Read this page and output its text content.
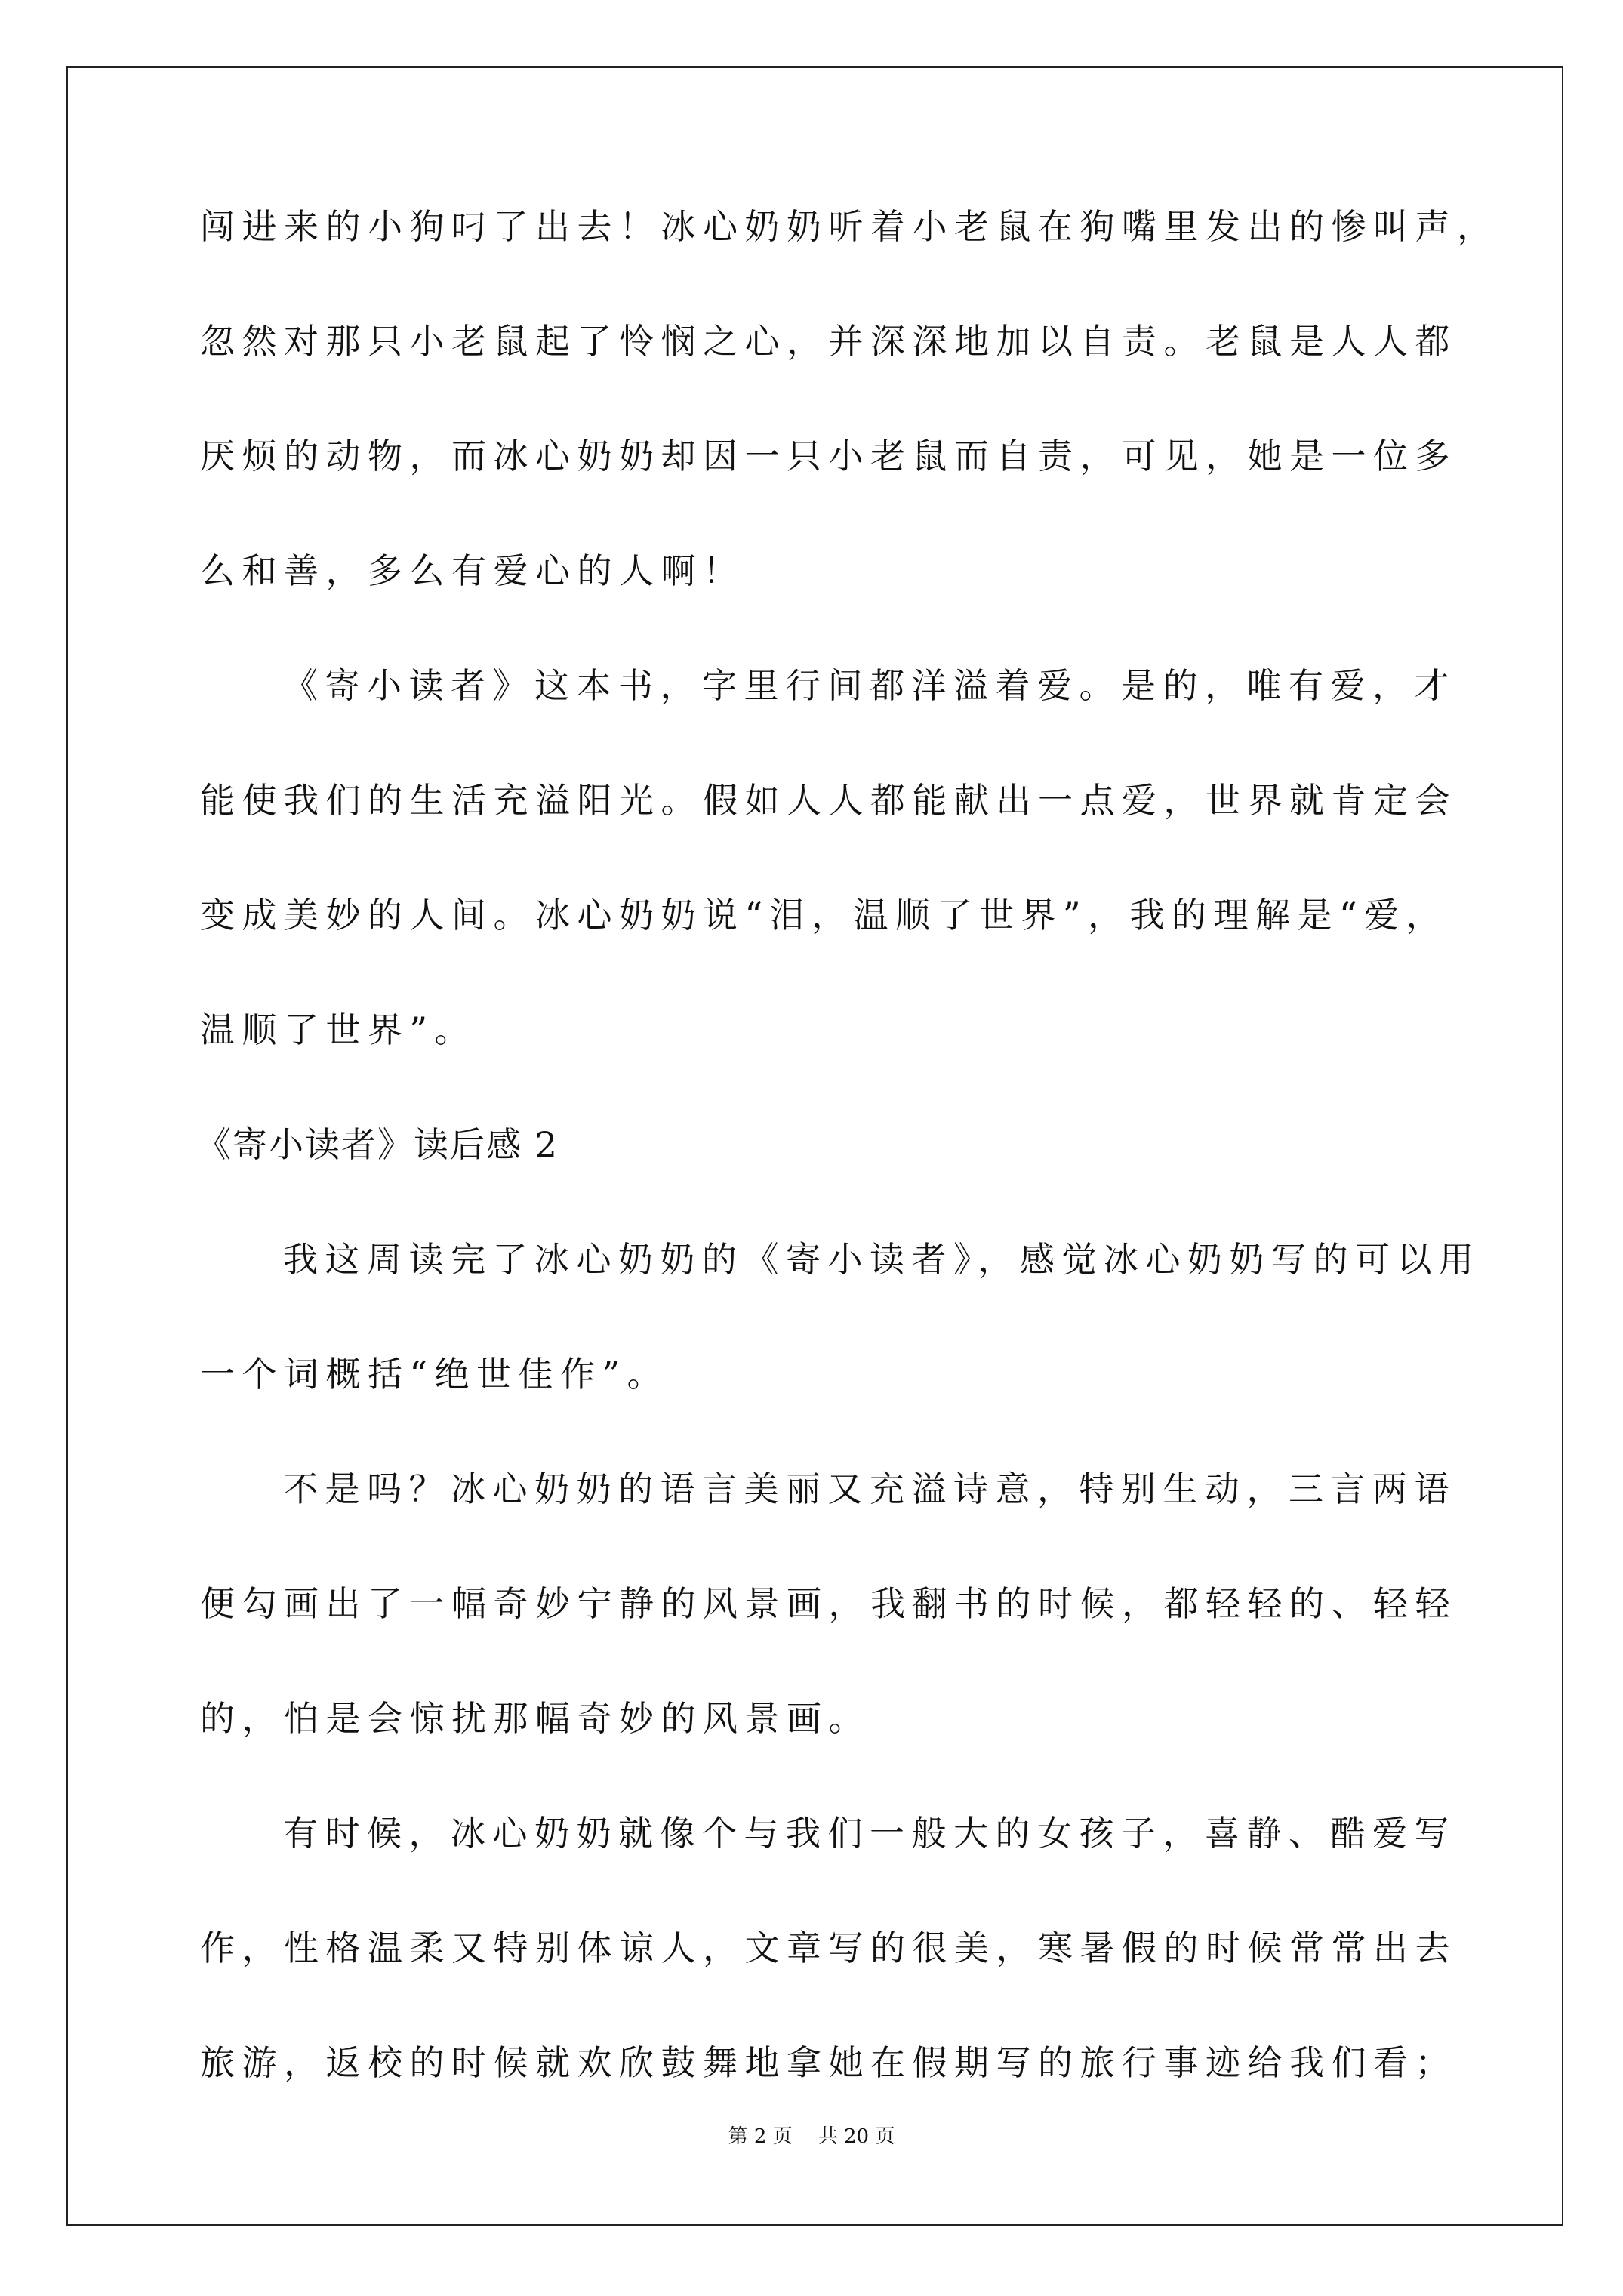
闯进来的小狗叼了出去！冰心奶奶听着小老鼠在狗嘴里发出的惨叫声，
忽然对那只小老鼠起了怜悯之心，并深深地加以自责。老鼠是人人都
厌烦的动物，而冰心奶奶却因一只小老鼠而自责，可见，她是一位多
么和善，多么有爱心的人啊！
《寄小读者》这本书，字里行间都洋溢着爱。是的，唯有爱，才
能使我们的生活充溢阳光。假如人人都能献出一点爱，世界就肯定会
变成美妙的人间。冰心奶奶说“泪，温顺了世界”，我的理解是“爱，
温顺了世界”。
《寄小读者》读后感 2
我这周读完了冰心奶奶的《寄小读者》，感觉冰心奶奶写的可以用
一个词概括“绝世佳作”。
不是吗？冰心奶奶的语言美丽又充溢诗意，特别生动，三言两语
便勾画出了一幅奇妙宁静的风景画，我翻书的时候，都轻轻的、轻轻
的，怕是会惊扰那幅奇妙的风景画。
有时候，冰心奶奶就像个与我们一般大的女孩子，喜静、酷爱写
作，性格温柔又特别体谅人，文章写的很美，寒暑假的时候常常出去
旅游，返校的时候就欢欣鼓舞地拿她在假期写的旅行事迹给我们看；
第 2 页 共 20 页
